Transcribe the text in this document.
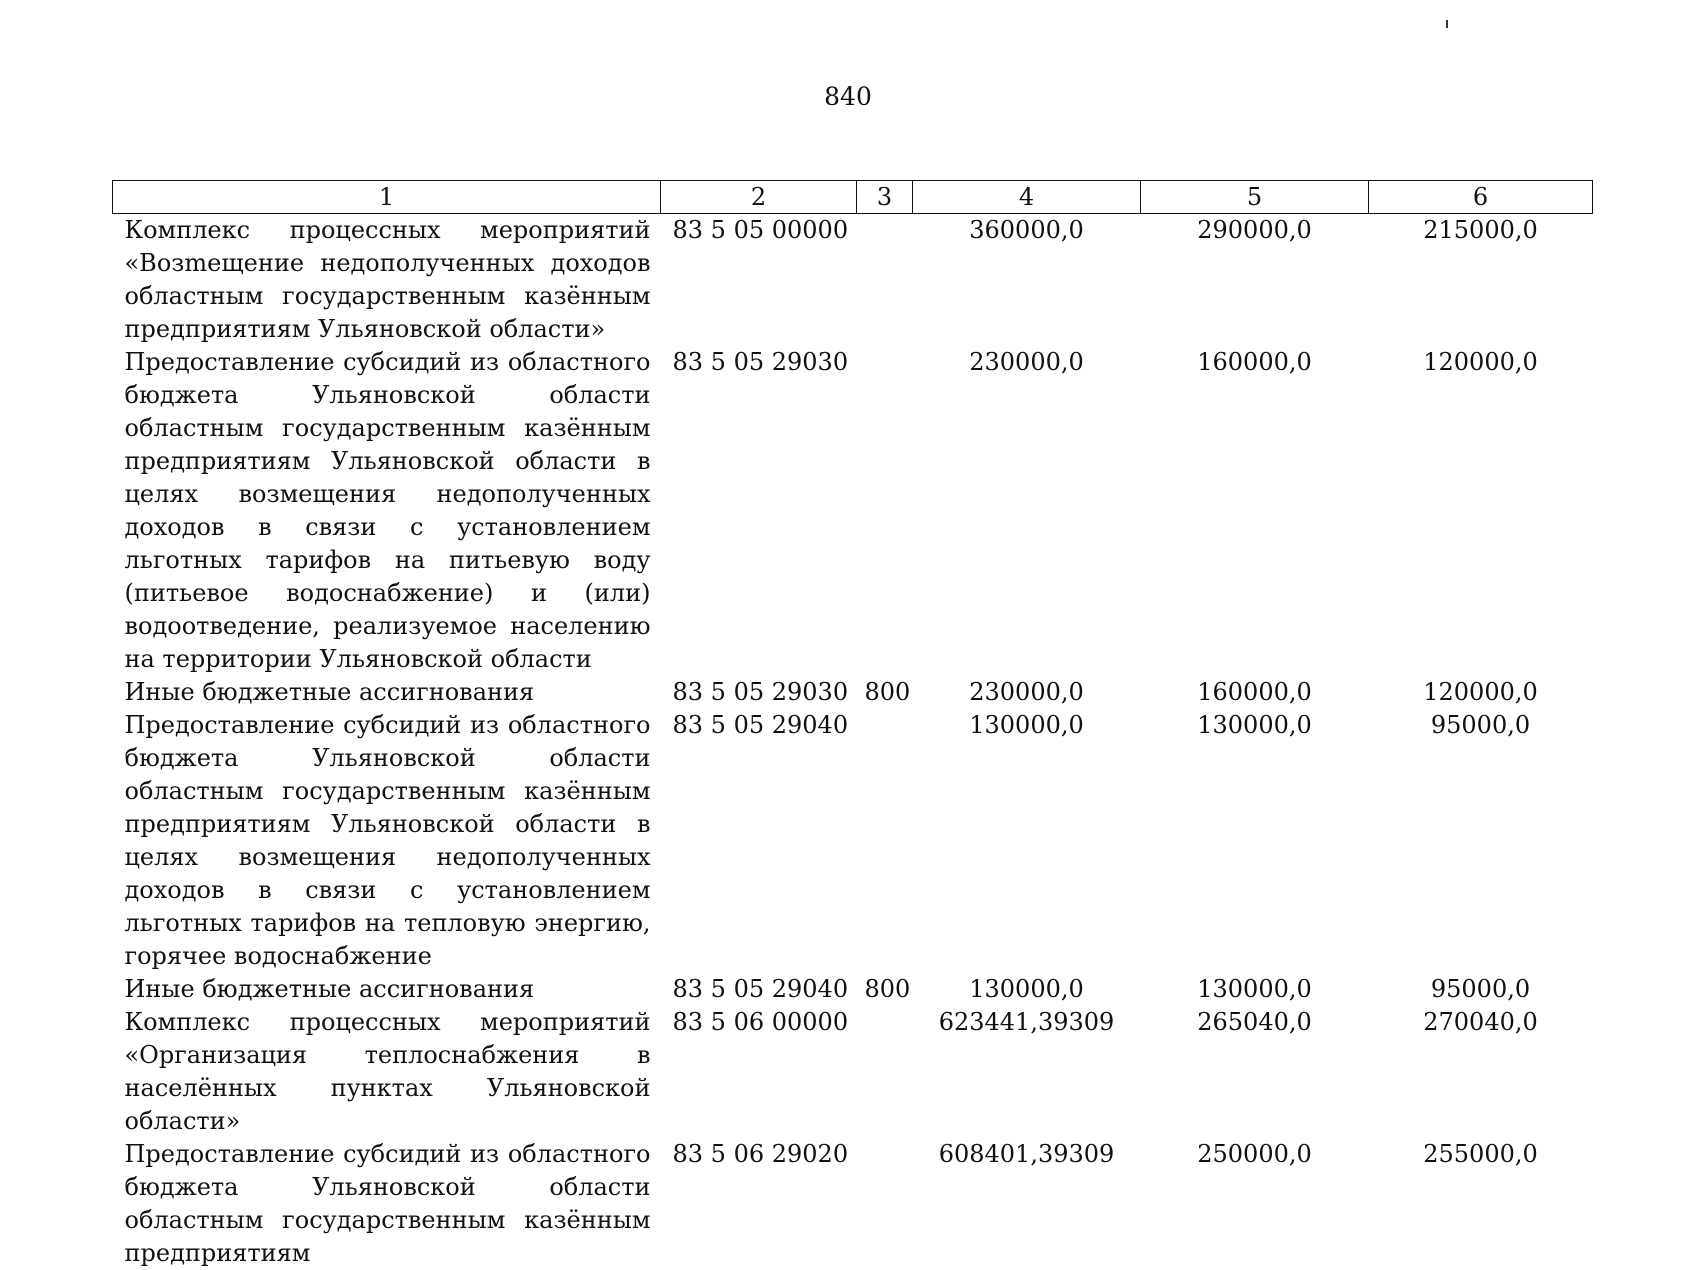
840
1	2	3	4	5	6
Комплекс процессных мероприятий «Возmещение недополученных доходов областным государственным казённым предприятиям Ульяновской области»	83 5 05 00000		360000,0	290000,0	215000,0
Предоставление субсидий из областного бюджета Ульяновской области областным государственным казённым предприятиям Ульяновской области в целях возмещения недополученных доходов в связи с установлением льготных тарифов на питьевую воду (питьевое водоснабжение) и (или) водоотведение, реализуемое населению на территории Ульяновской области	83 5 05 29030		230000,0	160000,0	120000,0
Иные бюджетные ассигнования	83 5 05 29030	800	230000,0	160000,0	120000,0
Предоставление субсидий из областного бюджета Ульяновской области областным государственным казённым предприятиям Ульяновской области в целях возмещения недополученных доходов в связи с установлением льготных тарифов на тепловую энергию, горячее водоснабжение	83 5 05 29040		130000,0	130000,0	95000,0
Иные бюджетные ассигнования	83 5 05 29040	800	130000,0	130000,0	95000,0
Комплекс процессных мероприятий «Организация теплоснабжения в населённых пунктах Ульяновской области»	83 5 06 00000		623441,39309	265040,0	270040,0
Предоставление субсидий из областного бюджета Ульяновской области областным государственным казённым предприятиям	83 5 06 29020		608401,39309	250000,0	255000,0
